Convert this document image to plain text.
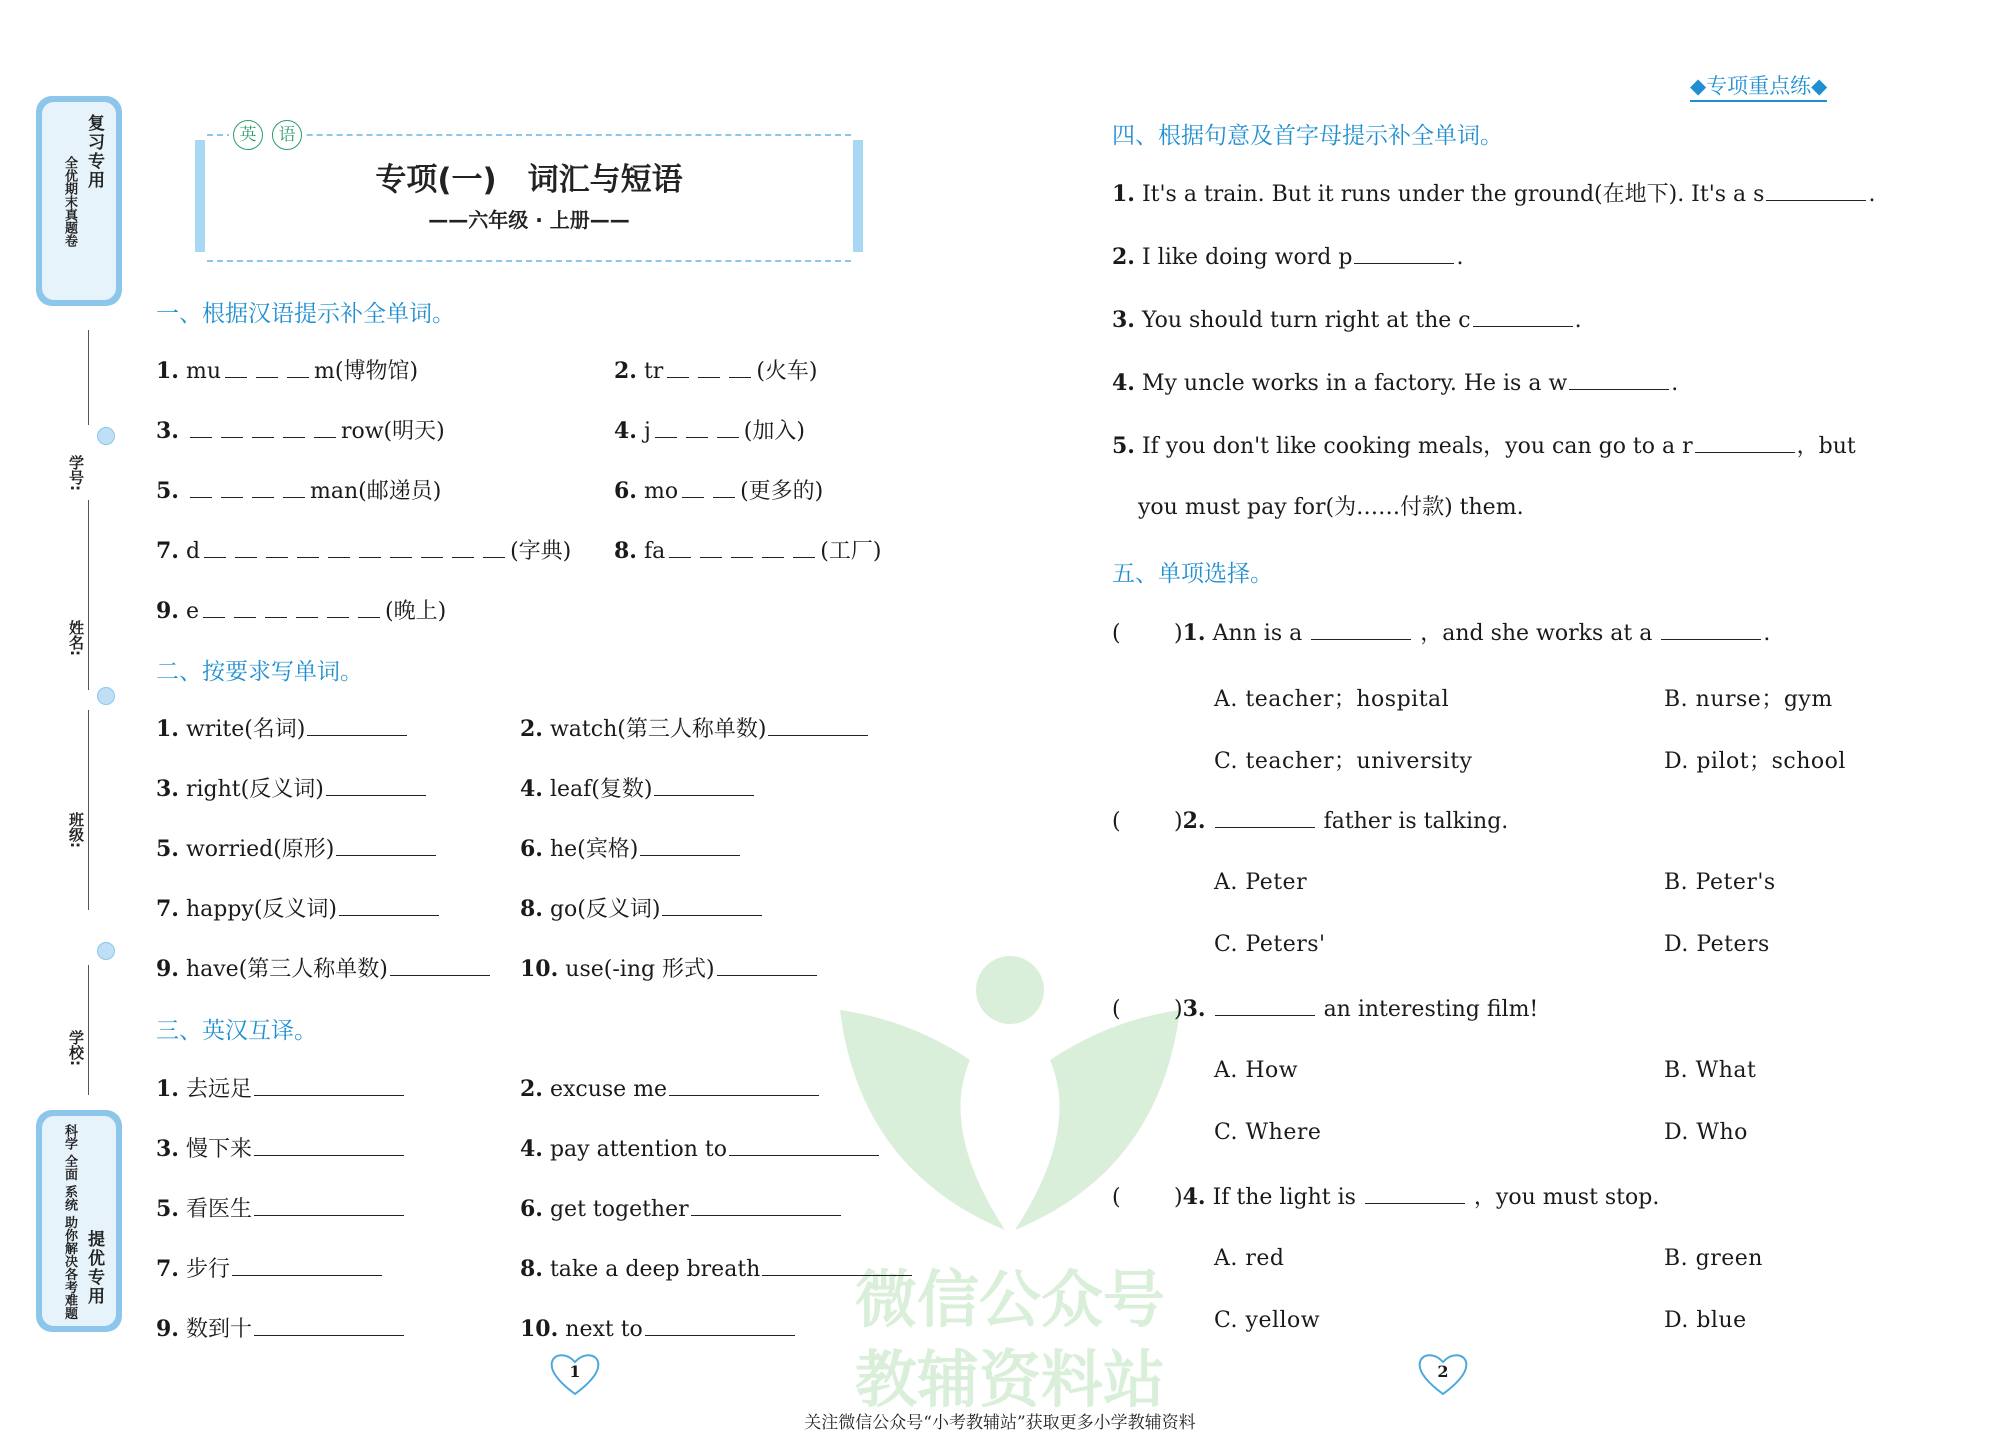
微信公众号
教辅资料站
复习专用
全优期末真题卷
学号:
姓名:
班级:
学校:
提优专用
科学 全面 系统 助你解决各考难题
英 语
专项(一)　词汇与短语
——六年级 · 上册——
◆专项重点练◆
一、根据汉语提示补全单词。
1. mu	m(博物馆)	2. tr	(火车)
3.	row(明天)	4. j	(加入)
5.	man(邮递员)	6. mo	(更多的)
7. d	(字典) 8. fa	(工厂)
9. e	(晚上)
二、按要求写单词。
1. write(名词)	2. watch(第三人称单数)
3. right(反义词)	4. leaf(复数)
5. worried(原形)	6. he(宾格)
7. happy(反义词)	8. go(反义词)
9. have(第三人称单数)	10. use(-ing 形式)
三、英汉互译。
1. 去远足	2. excuse me
3. 慢下来	4. pay attention to
5. 看医生	6. get together
7. 步行	8. take a deep breath
9. 数到十	10. next to
四、根据句意及首字母提示补全单词。
1. It's a train. But it runs under the ground(在地下). It's a s	.
2. I like doing word p	.
3. You should turn right at the c	.
4. My uncle works in a factory. He is a w	.
5. If you don't like cooking meals，you can go to a r	，but
you must pay for(为……付款) them.
五、单项选择。
( )1. Ann is a	，and she works at a	.
A. teacher；hospital	B. nurse；gym
C. teacher；university	D. pilot；school
( )2.	father is talking.
A. Peter	B. Peter's
C. Peters'	D. Peters
( )3.	an interesting film!
A. How	B. What
C. Where	D. Who
( )4. If the light is	，you must stop.
A. red	B. green
C. yellow	D. blue
1	2
关注微信公众号“小考教辅站”获取更多小学教辅资料
